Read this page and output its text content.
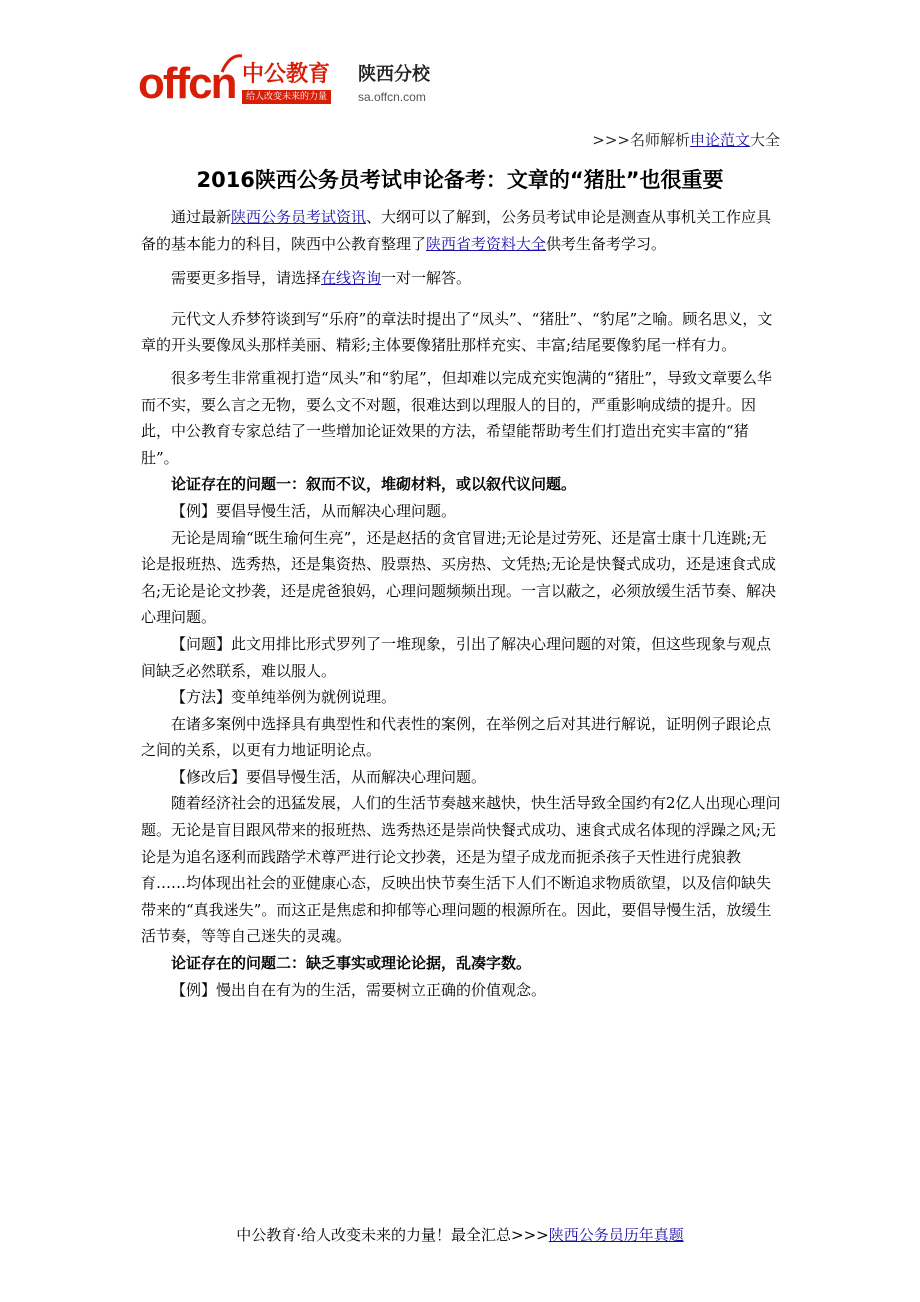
offcn 中公教育
给人改变未来的力量
陕西分校
sa.offcn.com
>>>名师解析申论范文大全
2016陕西公务员考试申论备考：文章的“猪肚”也很重要

通过最新陕西公务员考试资讯、大纲可以了解到，公务员考试申论是测查从事机关工作应具备的基本能力的科目，陕西中公教育整理了陕西省考资料大全供考生备考学习。

需要更多指导，请选择在线咨询一对一解答。

元代文人乔梦符谈到写“乐府”的章法时提出了“凤头”、“猪肚”、“豹尾”之喻。顾名思义，文章的开头要像凤头那样美丽、精彩;主体要像猪肚那样充实、丰富;结尾要像豹尾一样有力。

很多考生非常重视打造“凤头”和“豹尾”，但却难以完成充实饱满的“猪肚”，导致文章要么华而不实，要么言之无物，要么文不对题，很难达到以理服人的目的，严重影响成绩的提升。因此，中公教育专家总结了一些增加论证效果的方法，希望能帮助考生们打造出充实丰富的“猪肚”。

论证存在的问题一：叙而不议，堆砌材料，或以叙代议问题。

【例】要倡导慢生活，从而解决心理问题。

无论是周瑜“既生瑜何生亮”，还是赵括的贪官冒进;无论是过劳死、还是富士康十几连跳;无论是报班热、选秀热，还是集资热、股票热、买房热、文凭热;无论是快餐式成功，还是速食式成名;无论是论文抄袭，还是虎爸狼妈，心理问题频频出现。一言以蔽之，必须放缓生活节奏、解决心理问题。

【问题】此文用排比形式罗列了一堆现象，引出了解决心理问题的对策，但这些现象与观点间缺乏必然联系，难以服人。

【方法】变单纯举例为就例说理。

在诸多案例中选择具有典型性和代表性的案例，在举例之后对其进行解说，证明例子跟论点之间的关系，以更有力地证明论点。

【修改后】要倡导慢生活，从而解决心理问题。

随着经济社会的迅猛发展，人们的生活节奏越来越快，快生活导致全国约有2亿人出现心理问题。无论是盲目跟风带来的报班热、选秀热还是崇尚快餐式成功、速食式成名体现的浮躁之风;无论是为追名逐利而践踏学术尊严进行论文抄袭，还是为望子成龙而扼杀孩子天性进行虎狼教育……均体现出社会的亚健康心态，反映出快节奏生活下人们不断追求物质欲望，以及信仰缺失带来的“真我迷失”。而这正是焦虑和抑郁等心理问题的根源所在。因此，要倡导慢生活，放缓生活节奏，等等自己迷失的灵魂。

论证存在的问题二：缺乏事实或理论论据，乱凑字数。

【例】慢出自在有为的生活，需要树立正确的价值观念。

中公教育·给人改变未来的力量！最全汇总>>>陕西公务员历年真题
